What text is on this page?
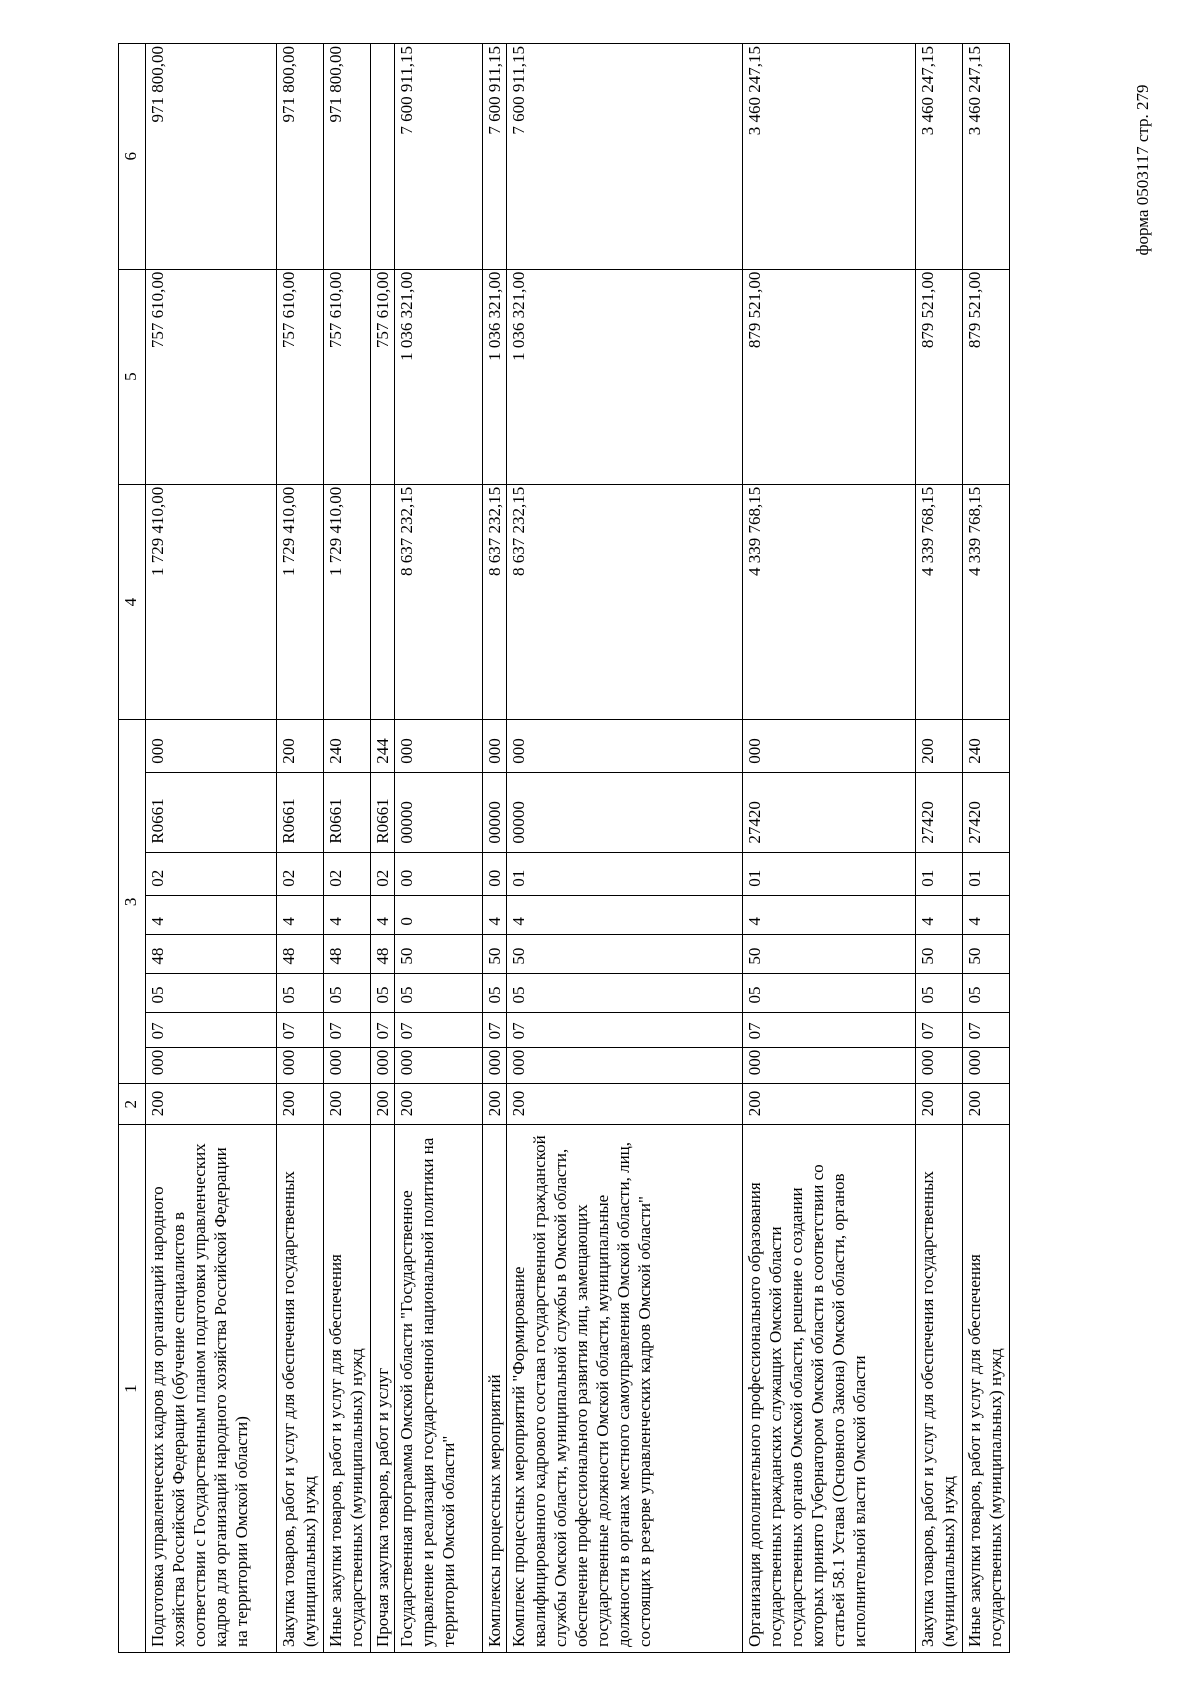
форма 0503117 стр. 279
1	2	3								4	5	6
Подготовка управленческих кадров для организаций народного хозяйства Российской Федерации (обучение специалистов в соответствии с Государственным планом подготовки управленческих кадров для организаций народного хозяйства Российской Федерации на территории Омской области)	200	000	07	05	48	4	02	R0661	000	1 729 410,00	757 610,00	971 800,00
Закупка товаров, работ и услуг для обеспечения государственных (муниципальных) нужд	200	000	07	05	48	4	02	R0661	200	1 729 410,00	757 610,00	971 800,00
Иные закупки товаров, работ и услуг для обеспечения государственных (муниципальных) нужд	200	000	07	05	48	4	02	R0661	240	1 729 410,00	757 610,00	971 800,00
Прочая закупка товаров, работ и услуг	200	000	07	05	48	4	02	R0661	244		757 610,00	
Государственная программа Омской области "Государственное управление и реализация государственной национальной политики на территории Омской области"	200	000	07	05	50	0	00	00000	000	8 637 232,15	1 036 321,00	7 600 911,15
Комплексы процессных мероприятий	200	000	07	05	50	4	00	00000	000	8 637 232,15	1 036 321,00	7 600 911,15
Комплекс процессных мероприятий "Формирование квалифицированного кадрового состава государственной гражданской службы Омской области, муниципальной службы в Омской области, обеспечение профессионального развития лиц, замещающих государственные должности Омской области, муниципальные должности в органах местного самоуправления Омской области, лиц, состоящих в резерве управленческих кадров Омской области"	200	000	07	05	50	4	01	00000	000	8 637 232,15	1 036 321,00	7 600 911,15
Организация дополнительного профессионального образования государственных гражданских служащих Омской области государственных органов Омской области, решение о создании которых принято Губернатором Омской области в соответствии со статьей 58.1 Устава (Основного Закона) Омской области, органов исполнительной власти Омской области	200	000	07	05	50	4	01	27420	000	4 339 768,15	879 521,00	3 460 247,15
Закупка товаров, работ и услуг для обеспечения государственных (муниципальных) нужд	200	000	07	05	50	4	01	27420	200	4 339 768,15	879 521,00	3 460 247,15
Иные закупки товаров, работ и услуг для обеспечения государственных (муниципальных) нужд	200	000	07	05	50	4	01	27420	240	4 339 768,15	879 521,00	3 460 247,15
